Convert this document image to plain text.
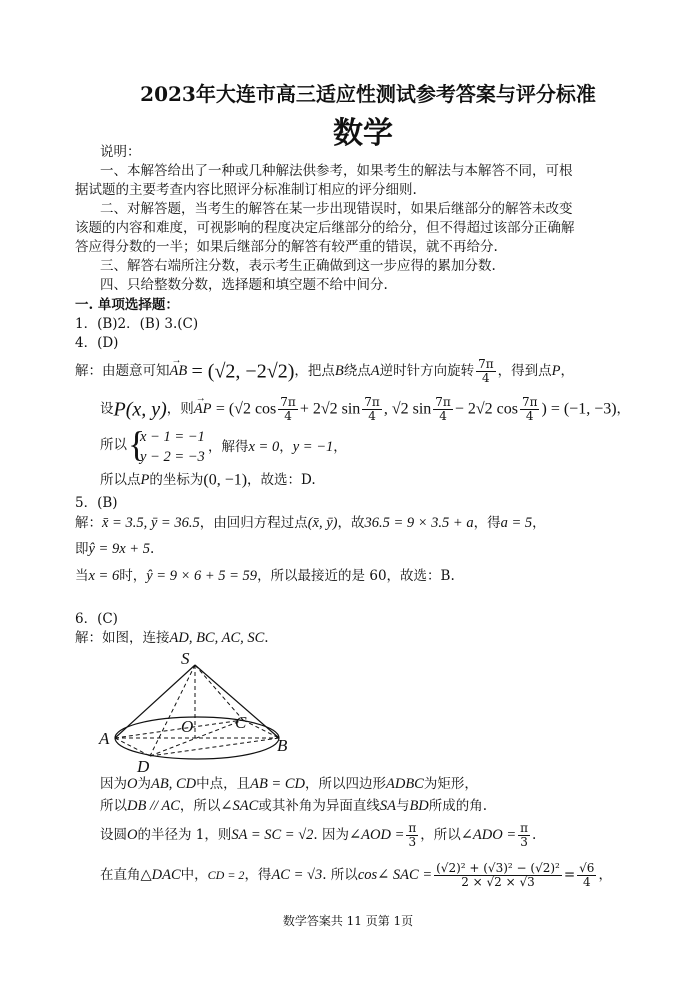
2023年大连市高三适应性测试参考答案与评分标准
数学
说明：
一、本解答给出了一种或几种解法供参考，如果考生的解法与本解答不同，可根
据试题的主要考查内容比照评分标准制订相应的评分细则.
二、对解答题，当考生的解答在某一步出现错误时，如果后继部分的解答未改变
该题的内容和难度，可视影响的程度决定后继部分的给分，但不得超过该部分正确解
答应得分数的一半；如果后继部分的解答有较严重的错误，就不再给分.
三、解答右端所注分数，表示考生正确做到这一步应得的累加分数.
四、只给整数分数，选择题和填空题不给中间分.
一. 单项选择题：
1．(B)2．(B) 3.(C)
4．(D)
解：由题意可知
→
AB = (√2, −2√2)，把点B绕点A逆时针方向旋转 $\frac{7\pi}{4}$ ，得到点P，
设P(x, y)，则
→
AP = (√2 $\cos \frac{7\pi}{4} + 2√2$ $\sin \frac{7\pi}{4}$ , √2 $\sin \frac{7\pi}{4} - 2√2$ $\cos \frac{7\pi}{4}$ ) = (−1, −3)，
所以 {
x − 1 = −1
y − 2 = −3
，解得x = 0，y = −1，
所以点P的坐标为(0, −1)，故选：D.
5．(B)
解：x̄ = 3.5, ȳ = 36.5，由回归方程过点(x̄, ȳ)，故36.5 = 9 × 3.5 + a，得a = 5，
即ŷ = 9x + 5.
当x = 6时，ŷ = 9 × 6 + 5 = 59，所以最接近的是 60，故选：B.
6．(C)
解：如图，连接AD, BC, AC, SC.
S
O C
A	B
D
因为O为AB, CD中点，且AB = CD，所以四边形ADBC为矩形，
所以DB // AC，所以∠SAC或其补角为异面直线SA与BD所成的角.
设圆O的半径为 1，则SA = SC = √2. 因为∠AOD = $\frac{\pi}{3}$ ，所以∠ADO = $\frac{\pi}{3}$ .
在直角△DAC中，CD = 2，得AC = √3. 所以cos∠ SAC = $\frac{\text{(√2)² + (√3)² − (√2)²}}{2 \times √2 \times √3} = \frac{√6}{4}$ ，
数学答案共 11 页第 1页
